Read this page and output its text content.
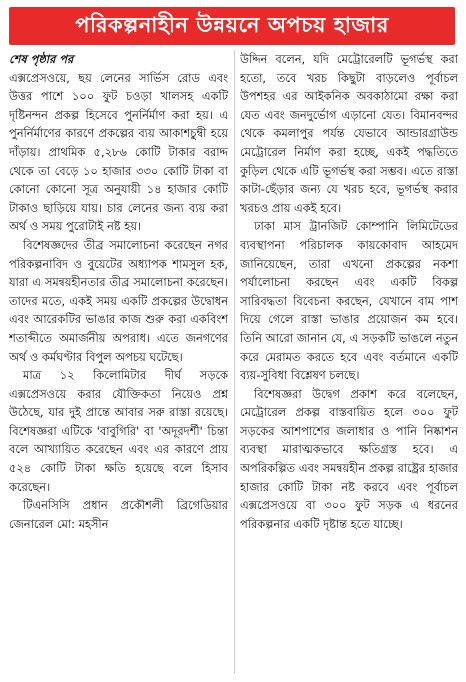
পরিকল্পনাহীন উন্নয়নে অপচয় হাজার

শেষ পৃষ্ঠার পর

এক্সপ্রেসওয়ে, ছয় লেনের সার্ভিস রোড এবং উত্তর পাশে ১০০ ফুট চওড়া খালসহ একটি দৃষ্টিনন্দন প্রকল্প হিসেবে পুনর্নির্মাণ করা হয়। এ পুনর্নির্মাণের কারণে প্রকল্পের ব্যয় আকাশচুম্বী হয়ে দাঁড়ায়। প্রাথমিক ৫,২৮৬ কোটি টাকার বরাদ্দ থেকে তা বেড়ে ১০ হাজার ৩৩০ কোটি টাকা বা কোনো কোনো সূত্র অনুযায়ী ১৪ হাজার কোটি টাকাও ছাড়িয়ে যায়। চার লেনের জন্য ব্যয় করা অর্থ ও সময় পুরোটাই নষ্ট হয়।

বিশেষজ্ঞদের তীব্র সমালোচনা করেছেন নগর পরিকল্পনাবিদ ও বুয়েটের অধ্যাপক শামসুল হক, যারা এ সমন্বয়হীনতার তীব্র সমালোচনা করেছেন। তাদের মতে, একই সময় একটি প্রকল্পের উদ্বোধন এবং আরেকটির ভাঙার কাজ শুরু করা একবিংশ শতাব্দীতে অমার্জনীয় অপরাধ। এতে জনগণের অর্থ ও কর্মঘণ্টার বিপুল অপচয় ঘটেছে।

মাত্র ১২ কিলোমিটার দীর্ঘ সড়কে এক্সপ্রেসওয়ে করার যৌক্তিকতা নিয়েও প্রশ্ন উঠেছে, যার দুই প্রান্তে আবার সরু রাস্তা রয়েছে। বিশেষজ্ঞরা এটিকে 'বাবুগিরি' বা 'অদূরদর্শী' চিন্তা বলে আখ্যায়িত করেছেন এবং এর কারণে প্রায় ৫২৪ কোটি টাকা ক্ষতি হয়েছে বলে হিসাব করেছেন।

টিএনসিসি প্রধান প্রকৌশলী ব্রিগেডিয়ার জেনারেল মো: মহসীন

উদ্দিন বলেন, যদি মেট্রোরেলটি ভূগর্ভস্থ করা হতো, তবে খরচ কিছুটা বাড়লেও পূর্বাচল উপশহর এর আইকনিক অবকাঠামো রক্ষা করা যেত এবং জনদুর্ভোগ এড়ানো যেত। বিমানবন্দর থেকে কমলাপুর পর্যন্ত যেভাবে আন্ডারগ্রাউন্ড মেট্রোরেল নির্মাণ করা হচ্ছে, একই পদ্ধতিতে কুড়িল থেকে এটি ভূগর্ভস্থ করা সম্ভব। এতে রাস্তা কাটা-ছেঁড়ার জন্য যে খরচ হবে, ভূগর্ভস্থ করার খরচও প্রায় একই হবে।

ঢাকা মাস ট্রানজিট কোম্পানি লিমিটেডের ব্যবস্থাপনা পরিচালক কায়কোবাদ আহমেদ জানিয়েছেন, তারা এখনো প্রকল্পের নকশা পর্যালোচনা করছেন এবং একটি বিকল্প সারিবদ্ধতা বিবেচনা করছেন, যেখানে বাম পাশ দিয়ে গেলে রাস্তা ভাঙার প্রয়োজন কম হবে। তিনি আরো জানান যে, এ সড়কটি ভাঙলে নতুন করে মেরামত করতে হবে এবং বর্তমানে একটি ব্যয়-সুবিধা বিশ্লেষণ চলছে।

বিশেষজ্ঞরা উদ্বেগ প্রকাশ করে বলেছেন, মেট্রোরেল প্রকল্প বাস্তবায়িত হলে ৩০০ ফুট সড়কের আশপাশের জলাধার ও পানি নিষ্কাশন ব্যবস্থা মারাত্মকভাবে ক্ষতিগ্রস্ত হবে। এ অপরিকল্পিত এবং সমন্বয়হীন প্রকল্প রাষ্ট্রের হাজার হাজার কোটি টাকা নষ্ট করবে এবং পূর্বাচল এক্সপ্রেসওয়ে বা ৩০০ ফুট সড়ক এ ধরনের পরিকল্পনার একটি দৃষ্টান্ত হতে যাচ্ছে।
